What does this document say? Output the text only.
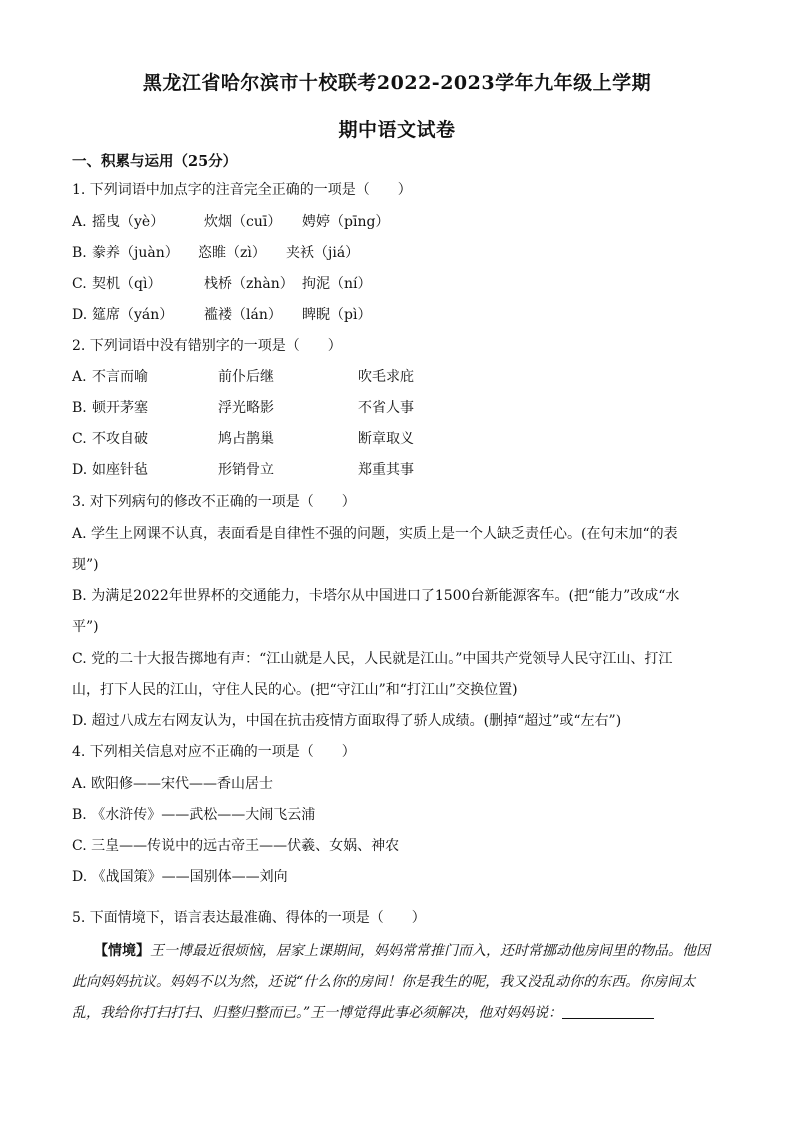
黑龙江省哈尔滨市十校联考2022-2023学年九年级上学期
期中语文试卷
一、积累与运用（25分）
1. 下列词语中加点字的注音完全正确的一项是（　　）
A. 摇曳（yè）	炊烟（cuī） 娉婷（pīng）
B. 豢养（juàn） 恣睢（zì） 夹袄（jiá）
C. 契机（qì）	栈桥（zhàn） 拘泥（ní）
D. 筵席（yán） 褴褛（lán） 睥睨（pì）
2. 下列词语中没有错别字的一项是（　　）
A. 不言而喻	前仆后继	吹毛求庇
B. 顿开茅塞	浮光略影	不省人事
C. 不攻自破	鸠占鹊巢	断章取义
D. 如座针毡	形销骨立	郑重其事
3. 对下列病句的修改不正确的一项是（　　）
A. 学生上网课不认真，表面看是自律性不强的问题，实质上是一个人缺乏责任心。(在句末加“的表
现”)
B. 为满足2022年世界杯的交通能力，卡塔尔从中国进口了1500台新能源客车。(把“能力”改成“水
平”)
C. 党的二十大报告掷地有声：“江山就是人民，人民就是江山。”中国共产党领导人民守江山、打江
山，打下人民的江山，守住人民的心。(把“守江山”和“打江山”交换位置)
D. 超过八成左右网友认为，中国在抗击疫情方面取得了骄人成绩。(删掉“超过”或“左右”)
4. 下列相关信息对应不正确的一项是（　　）
A. 欧阳修——宋代——香山居士
B. 《水浒传》——武松——大闹飞云浦
C. 三皇——传说中的远古帝王——伏羲、女娲、神农
D. 《战国策》——国别体——刘向
5. 下面情境下，语言表达最准确、得体的一项是（　　）
【情境】王一博最近很烦恼，居家上课期间，妈妈常常推门而入，还时常挪动他房间里的物品。他因
此向妈妈抗议。妈妈不以为然，还说“什么你的房间！你是我生的呢，我又没乱动你的东西。你房间太
乱，我给你打扫打扫、归整归整而已。”王一博觉得此事必须解决，他对妈妈说：
